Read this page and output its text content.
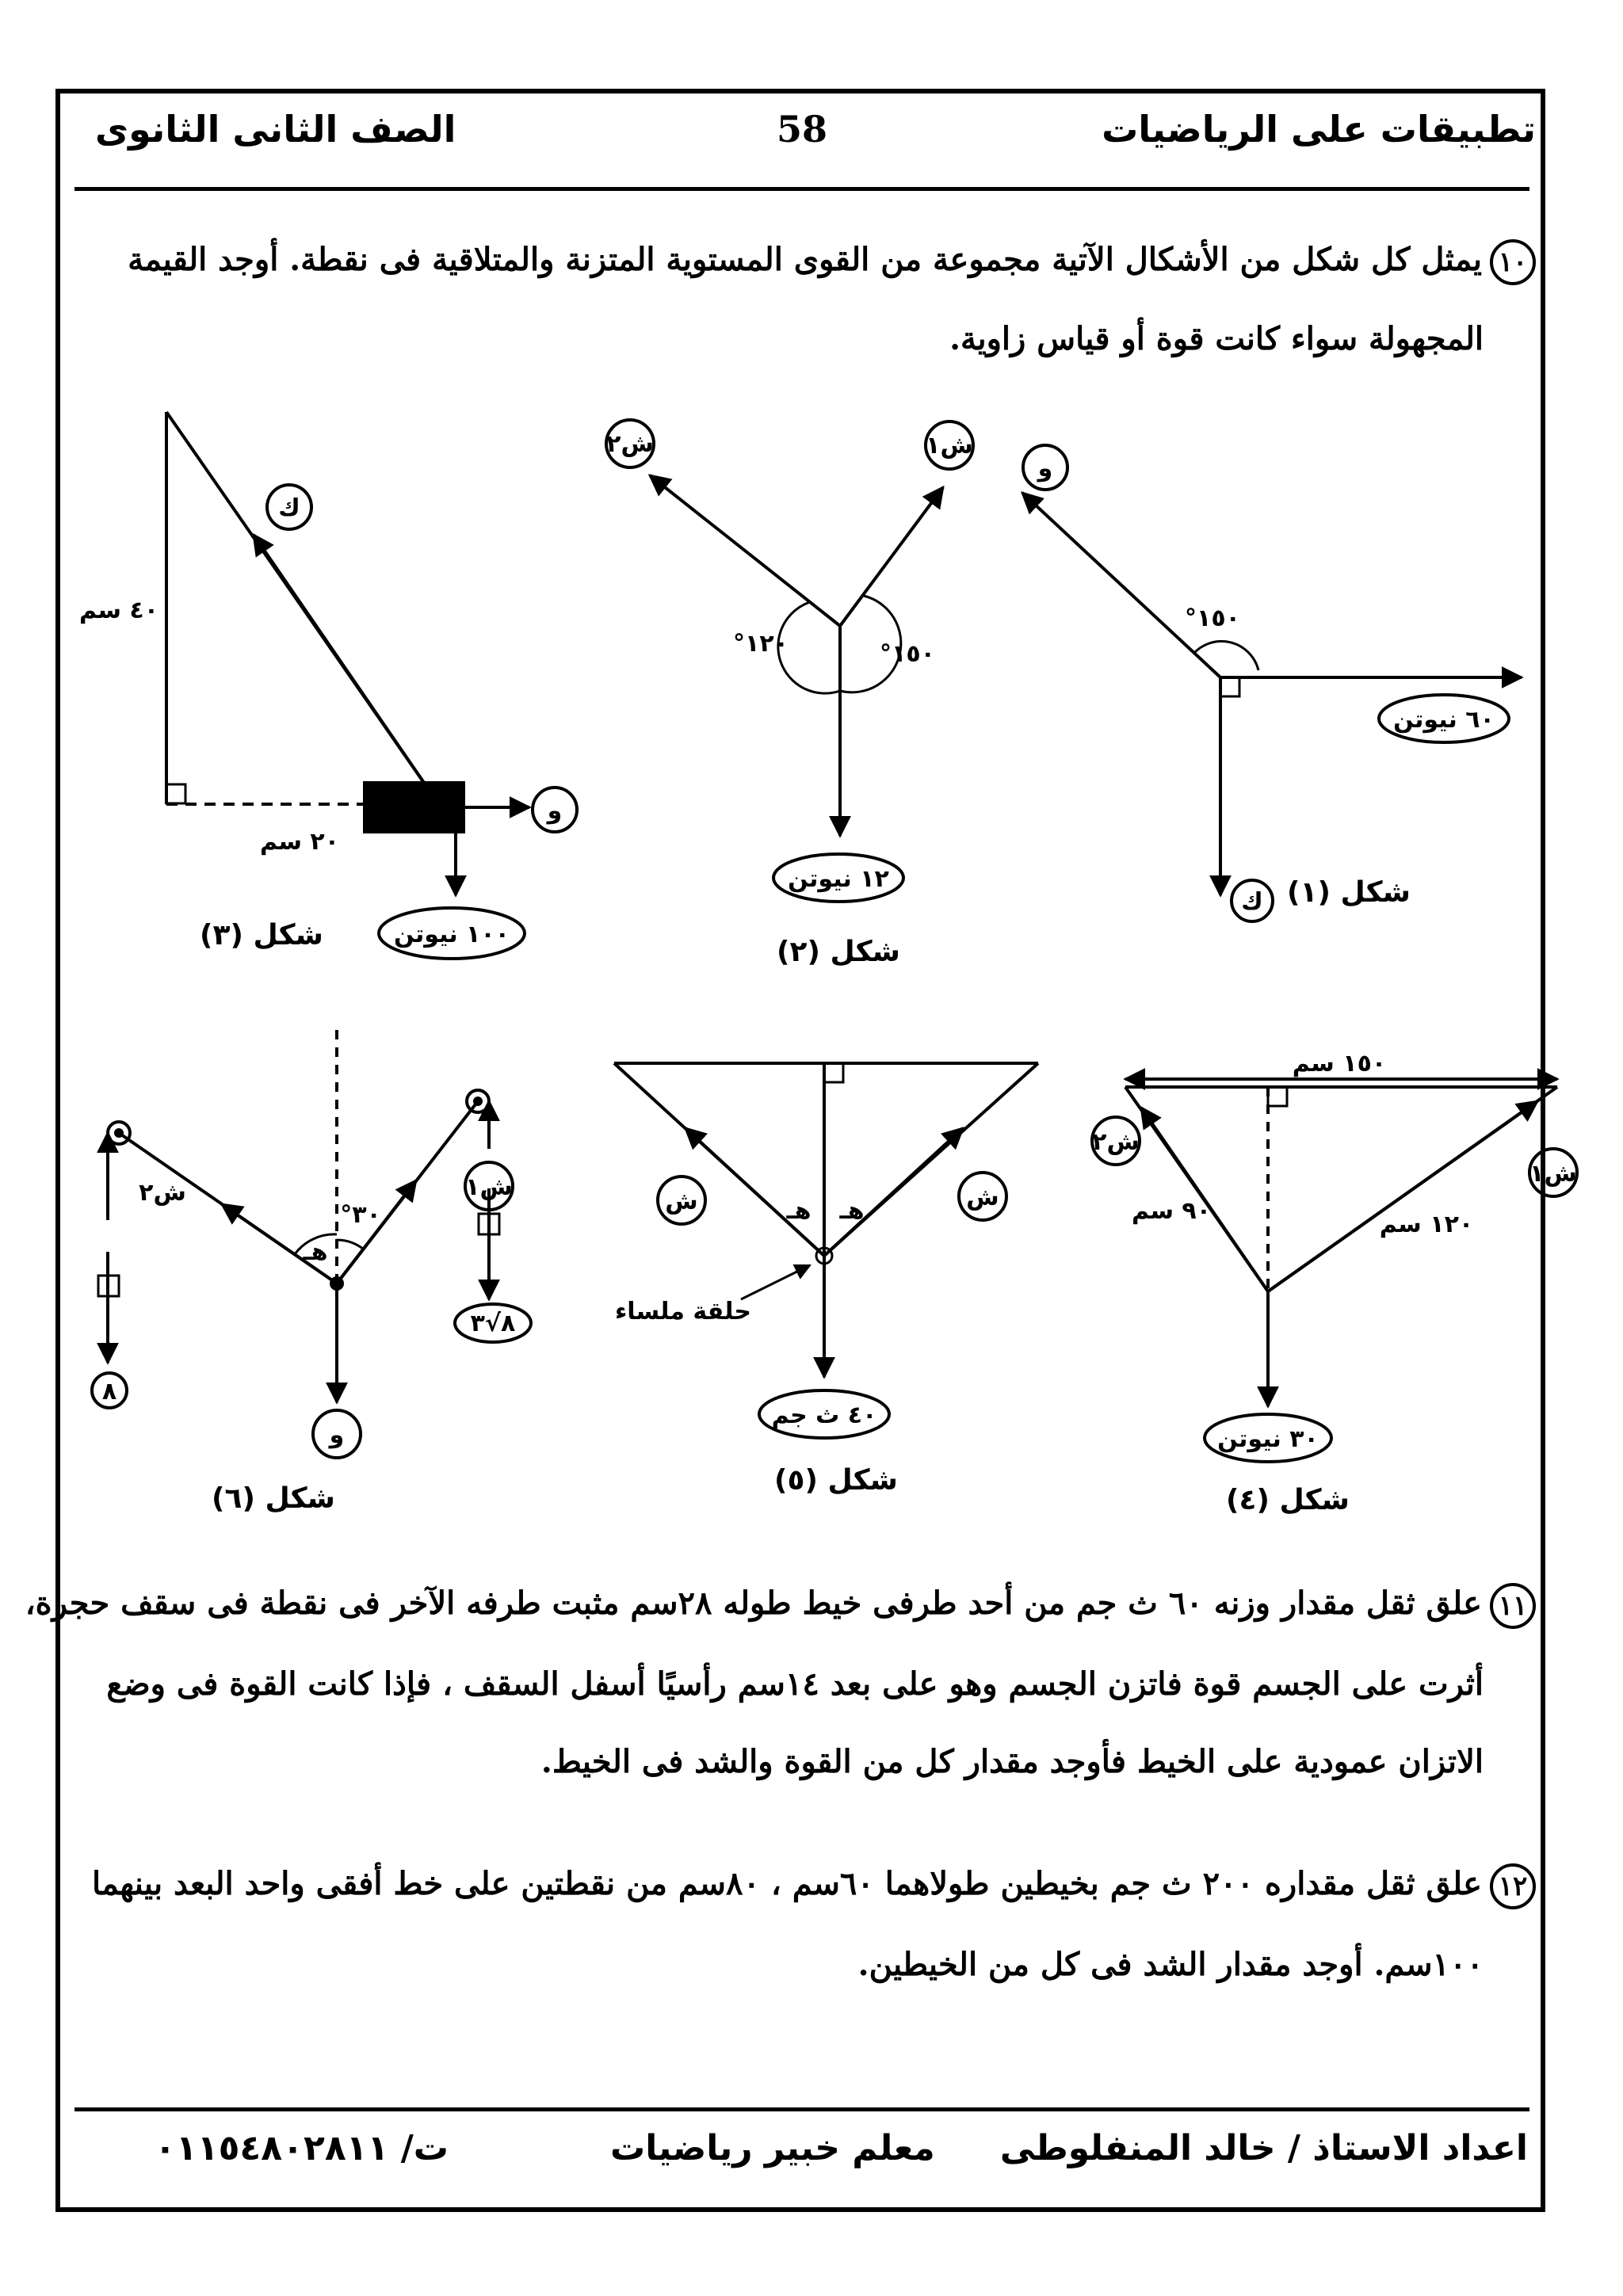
تطبيقات على الرياضيات
58
الصف الثانى الثانوى
١٠يمثل كل شكل من الأشكال الآتية مجموعة من القوى المستوية المتزنة والمتلاقية فى نقطة. أوجد القيمة
المجهولة سواء كانت قوة أو قياس زاوية.
و
١٥٠°
٦٠ نيوتن
ك شكل (١)
ش٢	ش١
١٢٠°	١٥٠°
١٢ نيوتن
شكل (٢)
ك
٤٠ سم
٢٠ سم
و
١٠٠ نيوتن
شكل (٣)
١٥٠ سم
٩٠ سم	١٢٠ سم
ش١
ش٢
٣٠ نيوتن
شكل (٤)
ش	ش
هـ هـ
حلقة ملساء
٤٠ ث جم
شكل (٥)
٣٠°
هـ
ش١
ش٢
٨
٨√٣
و
شكل (٦)
١١علق ثقل مقدار وزنه ٦٠ ث جم من أحد طرفى خيط طوله ٢٨سم مثبت طرفه الآخر فى نقطة فى سقف حجرة،
أثرت على الجسم قوة فاتزن الجسم وهو على بعد ١٤سم رأسيًا أسفل السقف ، فإذا كانت القوة فى وضع
الاتزان عمودية على الخيط فأوجد مقدار كل من القوة والشد فى الخيط.
١٢علق ثقل مقداره ٢٠٠ ث جم بخيطين طولاهما ٦٠سم ، ٨٠سم من نقطتين على خط أفقى واحد البعد بينهما
١٠٠سم. أوجد مقدار الشد فى كل من الخيطين.
اعداد الاستاذ / خالد المنفلوطى
معلم خبير رياضيات
ت/ ٠١١٥٤٨٠٢٨١١
